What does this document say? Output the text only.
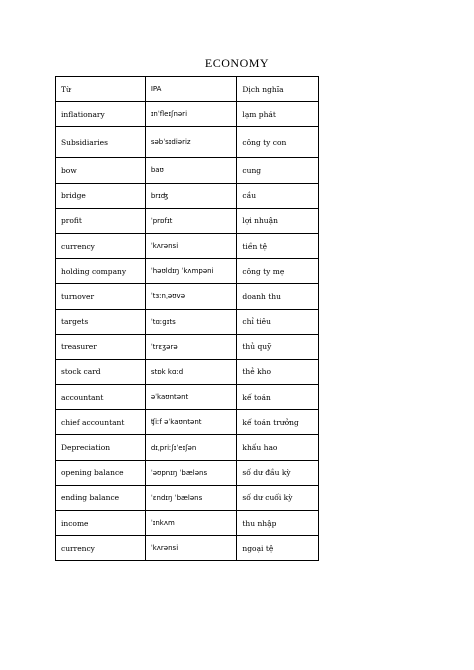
ECONOMY
Từ	IPA	Dịch nghĩa
inflationary	ɪnˈfleɪʃnəri	lạm phát
Subsidiaries	səbˈsɪdiəriz	công ty con
bow	baʊ	cung
bridge	brɪʤ	cầu
profit	ˈprɒfɪt	lợi nhuận
currency	ˈkʌrənsi	tiền tệ
holding company	ˈhəʊldɪŋ ˈkʌmpəni	công ty mẹ
turnover	ˈtɜːnˌəʊvə	doanh thu
targets	ˈtɑːgɪts	chỉ tiêu
treasurer	ˈtrɛʒərə	thủ quỹ
stock card	stɒk kɑːd	thẻ kho
accountant	əˈkaʊntənt	kế toán
chief accountant	ʧiːf əˈkaʊntənt	kế toán trưởng
Depreciation	dɪˌpriːʃɪˈeɪʃən	khấu hao
opening balance	ˈəʊpnɪŋ ˈbæləns	số dư đầu kỳ
ending balance	ˈɛndɪŋ ˈbæləns	số dư cuối kỳ
income	ˈɪnkʌm	thu nhập
currency	ˈkʌrənsi	ngoại tệ
